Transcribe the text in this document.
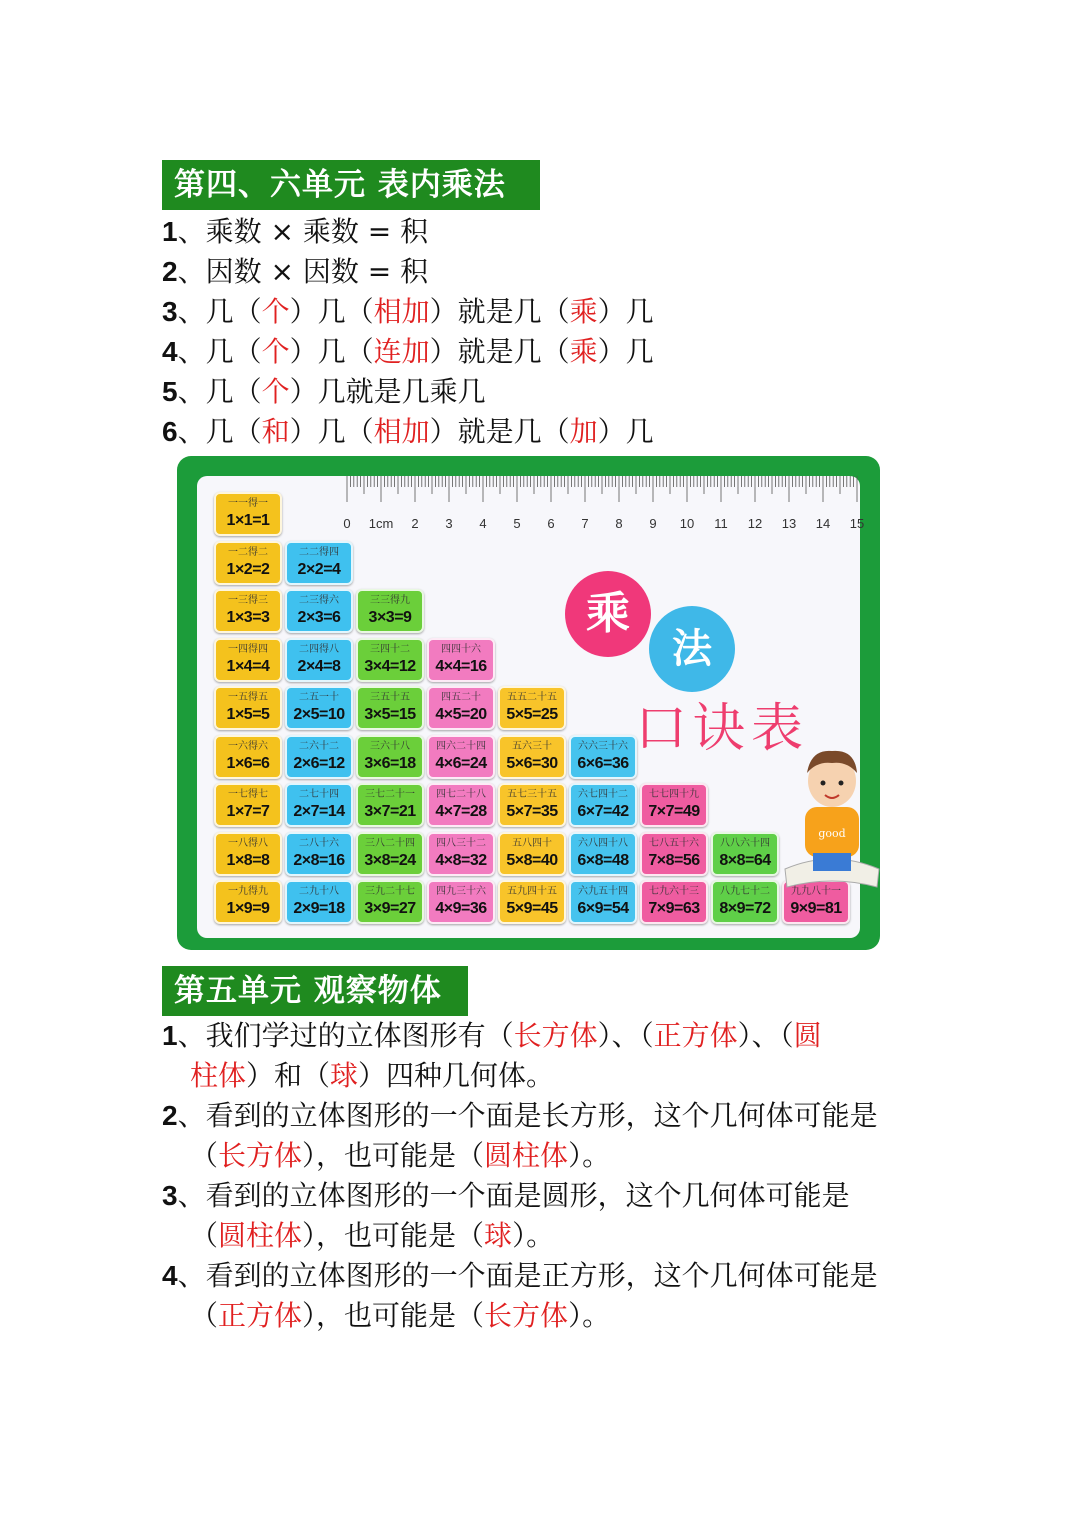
第四、六单元 表内乘法
1、乘数 × 乘数 = 积
2、因数 × 因数 = 积
3、几（个）几（相加）就是几（乘）几
4、几（个）几（连加）就是几（乘）几
5、几（个）几就是几乘几
6、几（和）几（相加）就是几（加）几
0 1cm 2 3 4 5 6 7 8 9 10 11 12 13 14 15
一一得一
1×1=1
一二得二
1×2=2
二二得四
2×2=4
一三得三
1×3=3
二三得六
2×3=6
三三得九
3×3=9
一四得四
1×4=4
二四得八
2×4=8
三四十二
3×4=12
四四十六
4×4=16
一五得五
1×5=5
二五一十
2×5=10
三五十五
3×5=15
四五二十
4×5=20
五五二十五
5×5=25
一六得六
1×6=6
二六十二
2×6=12
三六十八
3×6=18
四六二十四
4×6=24
五六三十
5×6=30
六六三十六
6×6=36
一七得七
1×7=7
二七十四
2×7=14
三七二十一
3×7=21
四七二十八
4×7=28
五七三十五
5×7=35
六七四十二
6×7=42
七七四十九
7×7=49
一八得八
1×8=8
二八十六
2×8=16
三八二十四
3×8=24
四八三十二
4×8=32
五八四十
5×8=40
六八四十八
6×8=48
七八五十六
7×8=56
八八六十四
8×8=64
一九得九
1×9=9
二九十八
2×9=18
三九二十七
3×9=27
四九三十六
4×9=36
五九四十五
5×9=45
六九五十四
6×9=54
七九六十三
7×9=63
八九七十二
8×9=72
九九八十一
9×9=81
乘
法
口诀表
good
第五单元 观察物体
1、我们学过的立体图形有（长方体）、（正方体）、（圆
柱体）和（球）四种几何体。
2、看到的立体图形的一个面是长方形，这个几何体可能是
（长方体），也可能是（圆柱体）。
3、看到的立体图形的一个面是圆形，这个几何体可能是
（圆柱体），也可能是（球）。
4、看到的立体图形的一个面是正方形，这个几何体可能是
（正方体），也可能是（长方体）。
